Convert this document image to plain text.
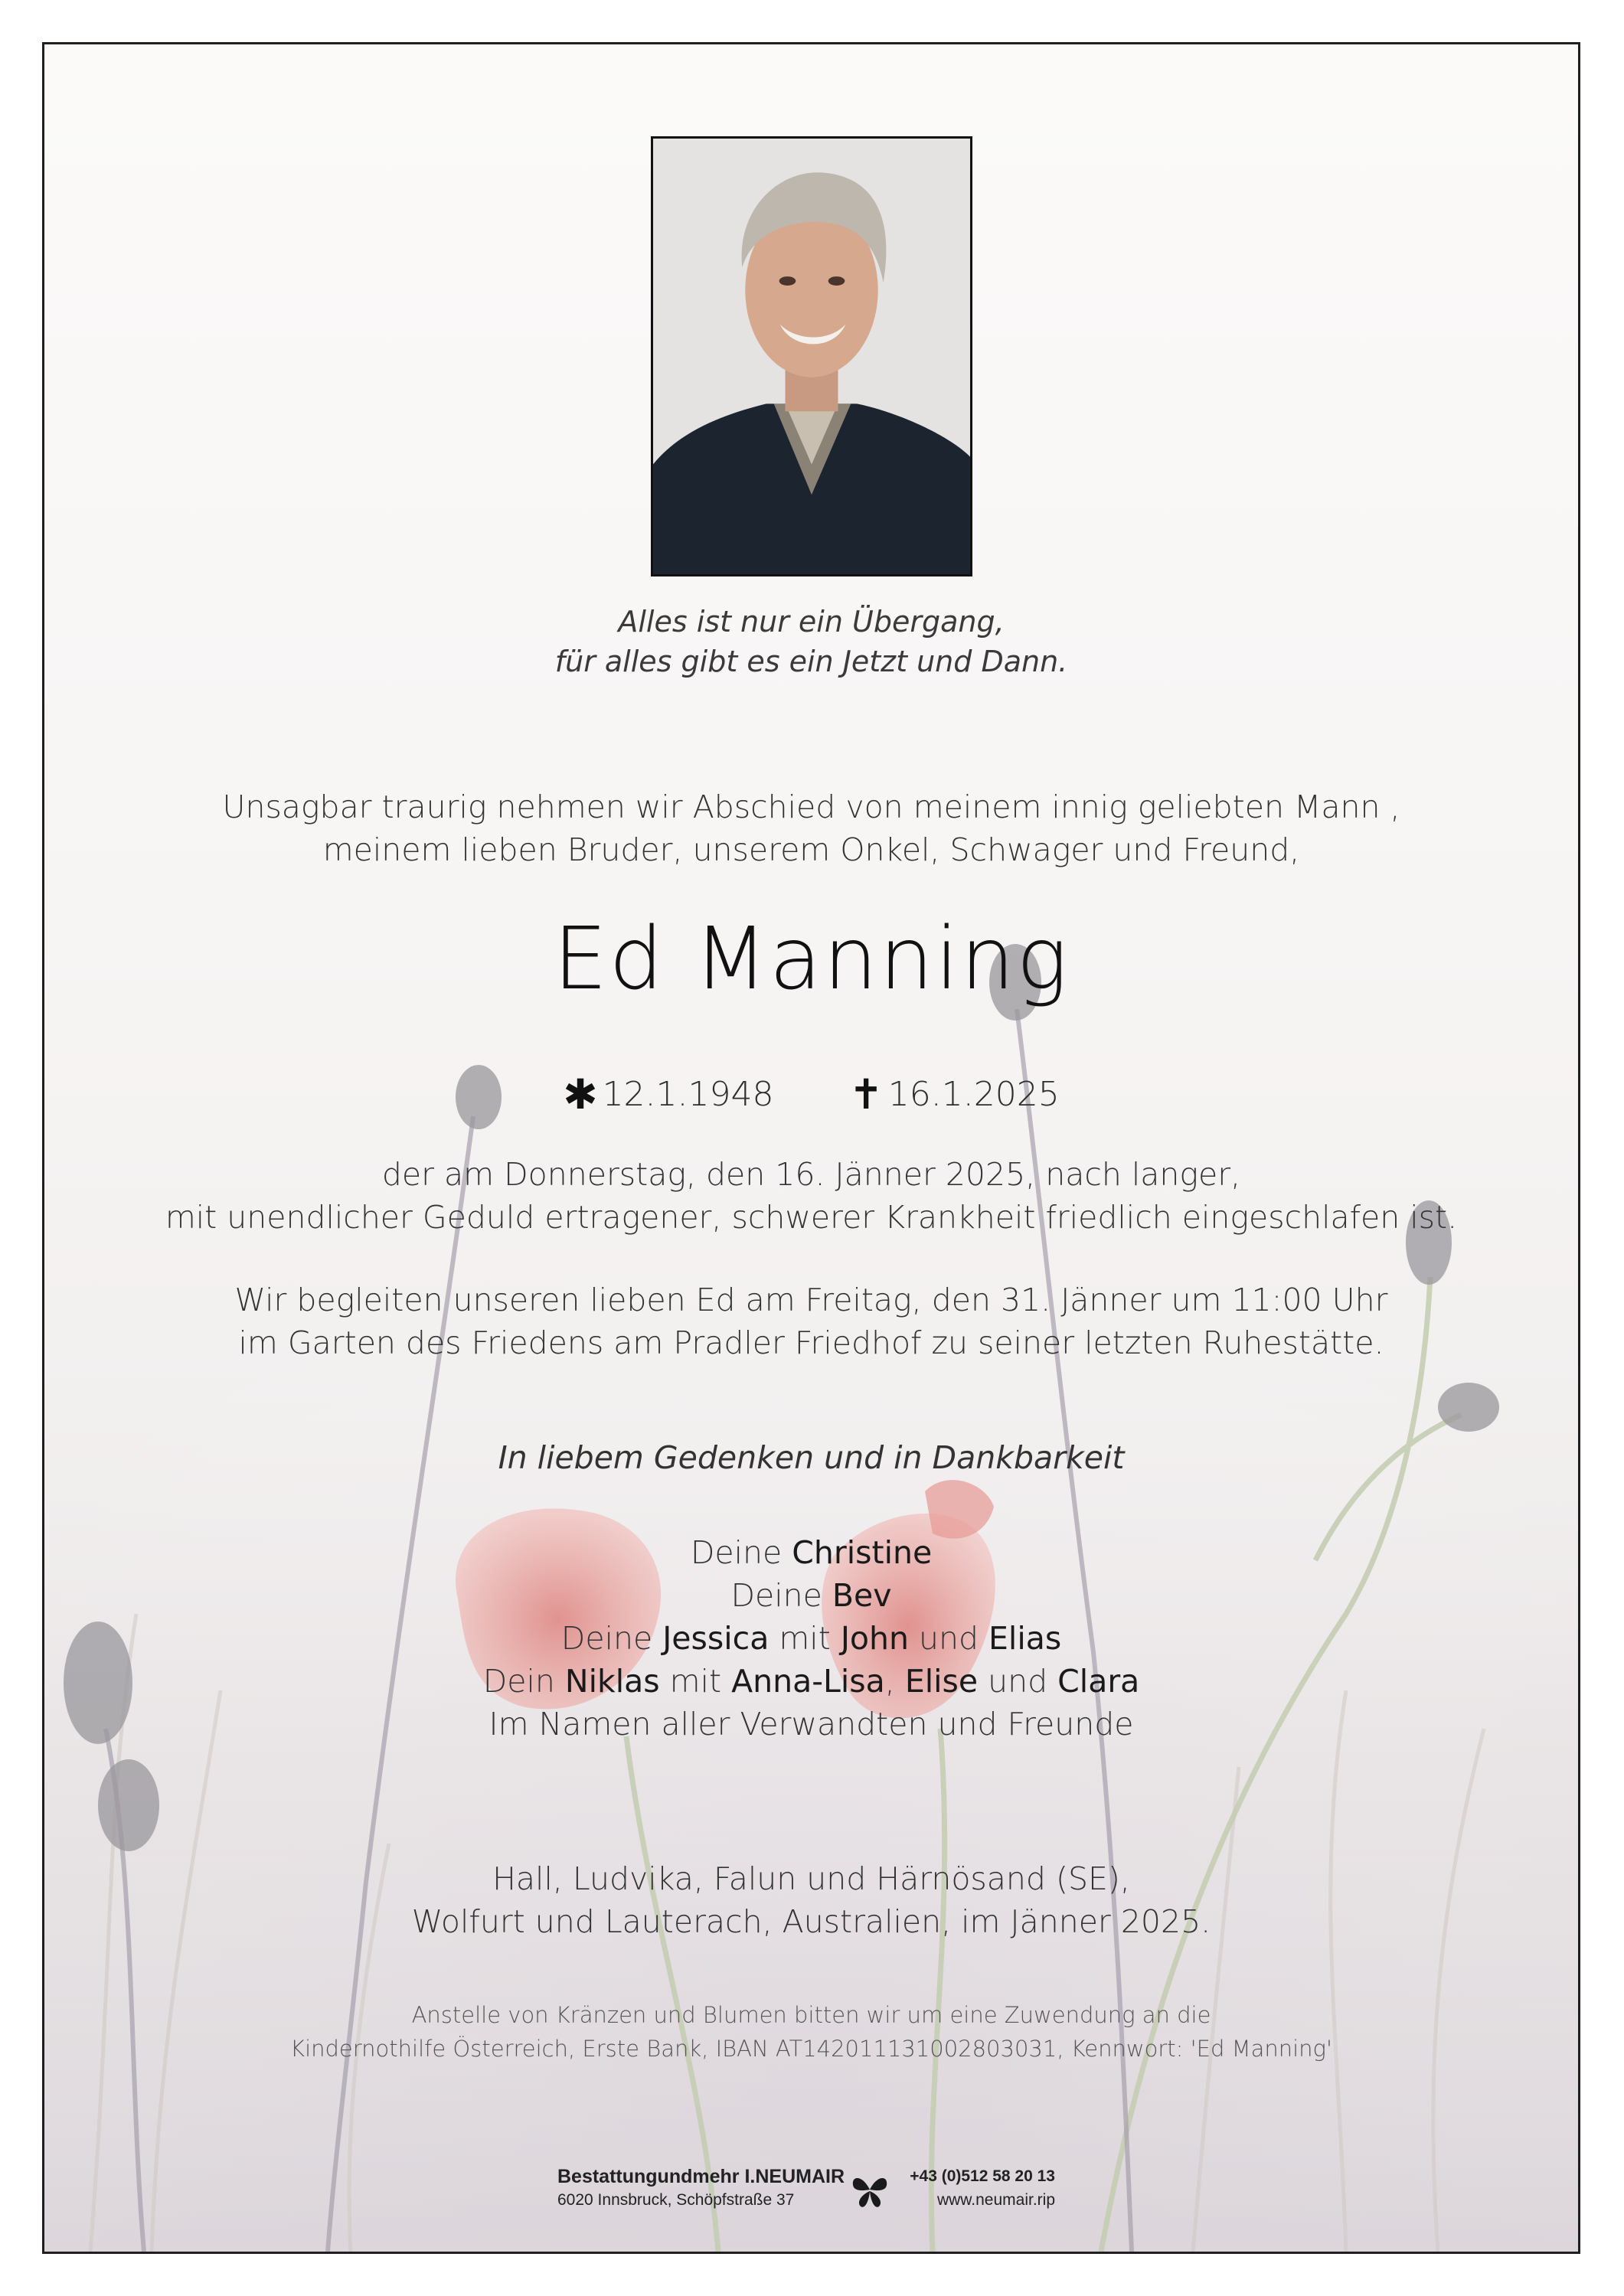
Alles ist nur ein Übergang,
für alles gibt es ein Jetzt und Dann.
Unsagbar traurig nehmen wir Abschied von meinem innig geliebten Mann ,
meinem lieben Bruder, unserem Onkel, Schwager und Freund,
Ed Manning
✱ 12.1.1948 ✝ 16.1.2025
der am Donnerstag, den 16. Jänner 2025, nach langer,
mit unendlicher Geduld ertragener, schwerer Krankheit friedlich eingeschlafen ist.
Wir begleiten unseren lieben Ed am Freitag, den 31. Jänner um 11:00 Uhr
im Garten des Friedens am Pradler Friedhof zu seiner letzten Ruhestätte.
In liebem Gedenken und in Dankbarkeit
Deine Christine
Deine Bev
Deine Jessica mit John und Elias
Dein Niklas mit Anna-Lisa, Elise und Clara
Im Namen aller Verwandten und Freunde
Hall, Ludvika, Falun und Härnösand (SE),
Wolfurt und Lauterach, Australien, im Jänner 2025.
Anstelle von Kränzen und Blumen bitten wir um eine Zuwendung an die
Kindernothilfe Österreich, Erste Bank, IBAN AT142011131002803031, Kennwort: 'Ed Manning'
Bestattungundmehr I.NEUMAIR
6020 Innsbruck, Schöpfstraße 37
+43 (0)512 58 20 13
www.neumair.rip
